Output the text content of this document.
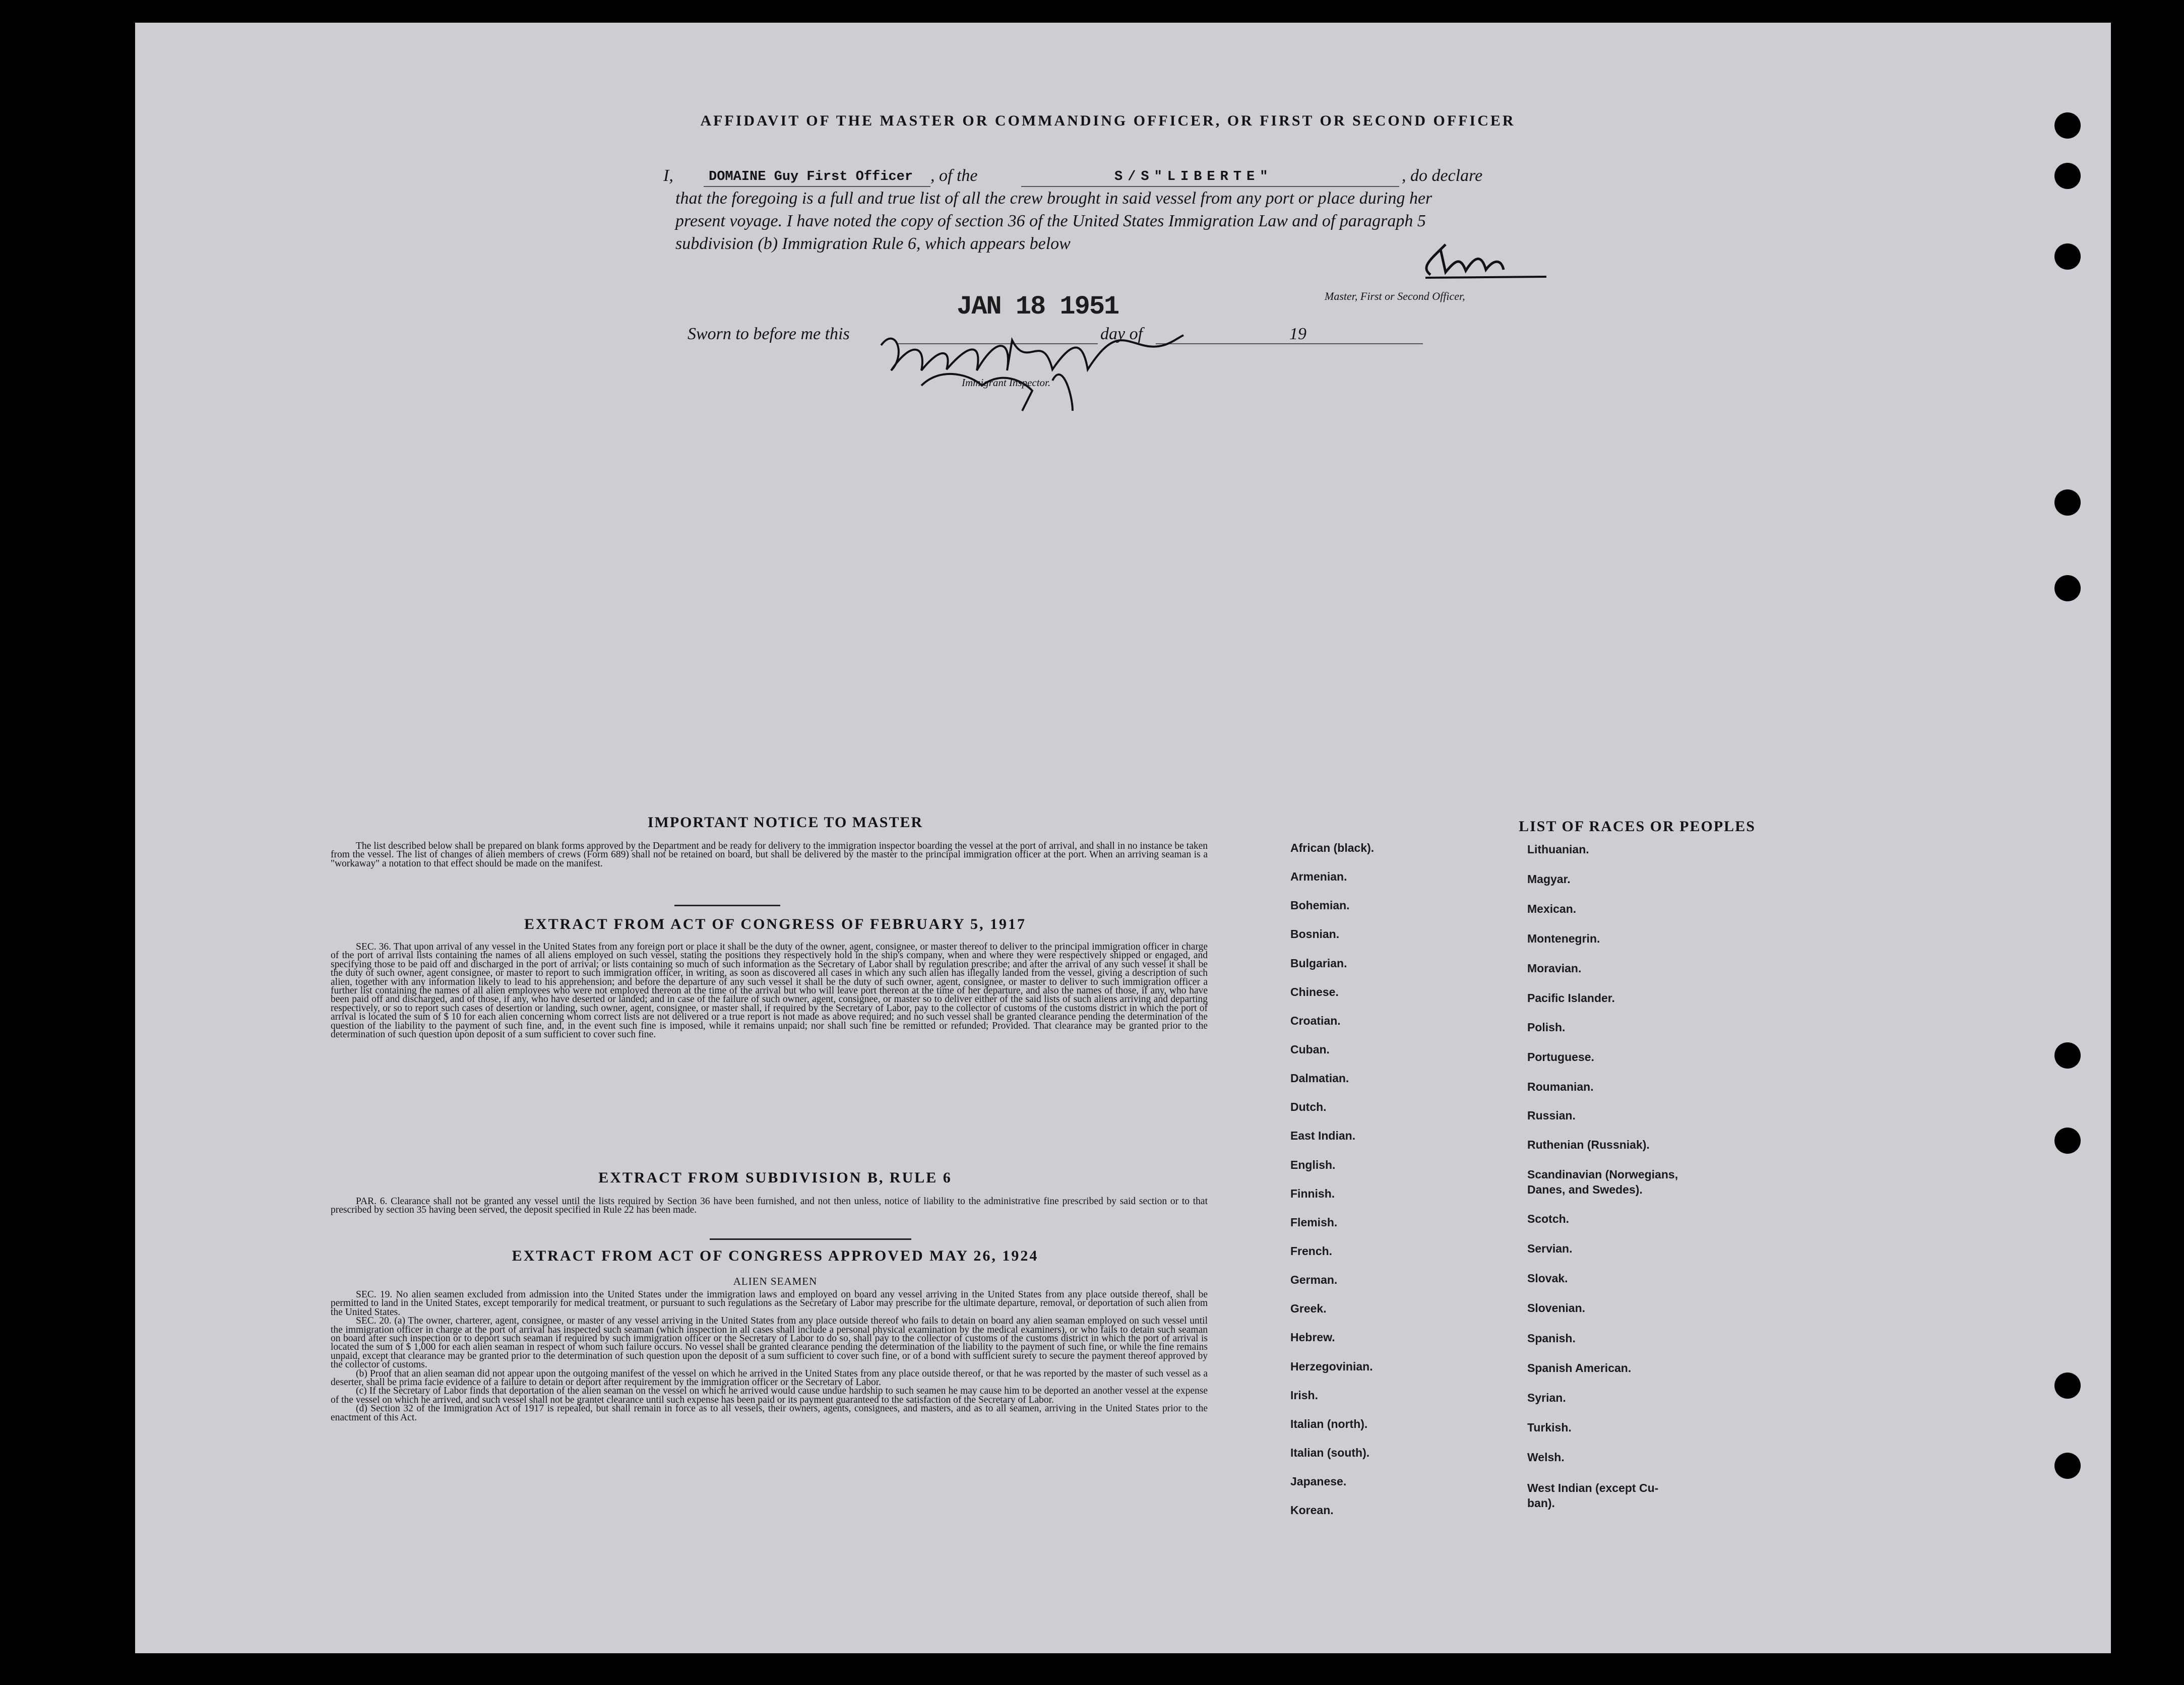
AFFIDAVIT OF THE MASTER OR COMMANDING OFFICER, OR FIRST OR SECOND OFFICER
I,	DOMAINE Guy First Officer , of the	S/S"LIBERTE"	, do declare
that the foregoing is a full and true list of all the crew brought in said vessel from any port or place during her
present voyage. I have noted the copy of section 36 of the United States Immigration Law and of paragraph 5
subdivision (b) Immigration Rule 6, which appears below
Master, First or Second Officer,
Sworn to before me this
JAN 18 1951
day of	19
Immigrant Inspector.
IMPORTANT NOTICE TO MASTER

The list described below shall be prepared on blank forms approved by the Department and be ready for delivery to the immigration inspector boarding the vessel at the port of arrival, and shall in no instance be taken from the vessel. The list of changes of alien members of crews (Form 689) shall not be retained on board, but shall be delivered by the master to the principal immigration officer at the port. When an arriving seaman is a "workaway" a notation to that effect should be made on the manifest.

EXTRACT FROM ACT OF CONGRESS OF FEBRUARY 5, 1917

SEC. 36. That upon arrival of any vessel in the United States from any foreign port or place it shall be the duty of the owner, agent, consignee, or master thereof to deliver to the principal immigration officer in charge of the port of arrival lists containing the names of all aliens employed on such vessel, stating the positions they respectively hold in the ship's company, when and where they were respectively shipped or engaged, and specifying those to be paid off and discharged in the port of arrival; or lists containing so much of such information as the Secretary of Labor shall by regulation prescribe; and after the arrival of any such vessel it shall be the duty of such owner, agent consignee, or master to report to such immigration officer, in writing, as soon as discovered all cases in which any such alien has illegally landed from the vessel, giving a description of such alien, together with any information likely to lead to his apprehension; and before the departure of any such vessel it shall be the duty of such owner, agent, consignee, or master to deliver to such immigration officer a further list containing the names of all alien employees who were not employed thereon at the time of the arrival but who will leave port thereon at the time of her departure, and also the names of those, if any, who have been paid off and discharged, and of those, if any, who have deserted or landed; and in case of the failure of such owner, agent, consignee, or master so to deliver either of the said lists of such aliens arriving and departing respectively, or so to report such cases of desertion or landing, such owner, agent, consignee, or master shall, if required by the Secretary of Labor, pay to the collector of customs of the customs district in which the port of arrival is located the sum of $ 10 for each alien concerning whom correct lists are not delivered or a true report is not made as above required; and no such vessel shall be granted clearance pending the determination of the question of the liability to the payment of such fine, and, in the event such fine is imposed, while it remains unpaid; nor shall such fine be remitted or refunded; Provided. That clearance may be granted prior to the determination of such question upon deposit of a sum sufficient to cover such fine.

EXTRACT FROM SUBDIVISION B, RULE 6

PAR. 6. Clearance shall not be granted any vessel until the lists required by Section 36 have been furnished, and not then unless, notice of liability to the administrative fine prescribed by said section or to that prescribed by section 35 having been served, the deposit specified in Rule 22 has been made.

EXTRACT FROM ACT OF CONGRESS APPROVED MAY 26, 1924
ALIEN SEAMEN

SEC. 19. No alien seamen excluded from admission into the United States under the immigration laws and employed on board any vessel arriving in the United States from any place outside thereof, shall be permitted to land in the United States, except temporarily for medical treatment, or pursuant to such regulations as the Secretary of Labor may prescribe for the ultimate departure, removal, or deportation of such alien from the United States.

SEC. 20. (a) The owner, charterer, agent, consignee, or master of any vessel arriving in the United States from any place outside thereof who fails to detain on board any alien seaman employed on such vessel until the immigration officer in charge at the port of arrival has inspected such seaman (which inspection in all cases shall include a personal physical examination by the medical examiners), or who fails to detain such seaman on board after such inspection or to deport such seaman if required by such immigration officer or the Secretary of Labor to do so, shall pay to the collector of customs of the customs district in which the port of arrival is located the sum of $ 1,000 for each alien seaman in respect of whom such failure occurs. No vessel shall be granted clearance pending the determination of the liability to the payment of such fine, or while the fine remains unpaid, except that clearance may be granted prior to the determination of such question upon the deposit of a sum sufficient to cover such fine, or of a bond with sufficient surety to secure the payment thereof approved by the collector of customs.

(b) Proof that an alien seaman did not appear upon the outgoing manifest of the vessel on which he arrived in the United States from any place outside thereof, or that he was reported by the master of such vessel as a deserter, shall be prima facie evidence of a failure to detain or deport after requirement by the immigration officer or the Secretary of Labor.

(c) If the Secretary of Labor finds that deportation of the alien seaman on the vessel on which he arrived would cause undue hardship to such seamen he may cause him to be deported an another vessel at the expense of the vessel on which he arrived, and such vessel shall not be grantet clearance until such expense has been paid or its payment guaranteed to the satisfaction of the Secretary of Labor.

(d) Section 32 of the Immigration Act of 1917 is repealed, but shall remain in force as to all vessels, their owners, agents, consignees, and masters, and as to all seamen, arriving in the United States prior to the enactment of this Act.

LIST OF RACES OR PEOPLES
African (black).
Armenian.
Bohemian.
Bosnian.
Bulgarian.
Chinese.
Croatian.
Cuban.
Dalmatian.
Dutch.
East Indian.
English.
Finnish.
Flemish.
French.
German.
Greek.
Hebrew.
Herzegovinian.
Irish.
Italian (north).
Italian (south).
Japanese.
Korean.
Lithuanian.
Magyar.
Mexican.
Montenegrin.
Moravian.
Pacific Islander.
Polish.
Portuguese.
Roumanian.
Russian.
Ruthenian (Russniak).
Scandinavian (Norwegians,
Danes, and Swedes).
Scotch.
Servian.
Slovak.
Slovenian.
Spanish.
Spanish American.
Syrian.
Turkish.
Welsh.
West Indian (except Cu-
ban).
